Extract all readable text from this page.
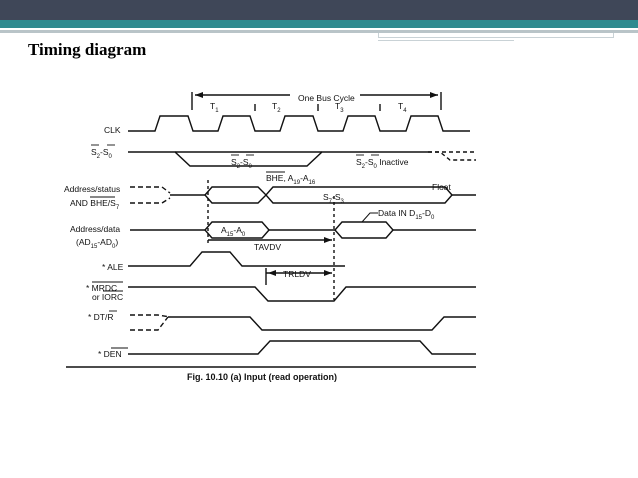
Timing diagram
One Bus Cycle
$T_1$	$T_2$	$T_3$	$T_4$
CLK
$S_2-S_0$	$S_2-S_0$	$S_2-S_0$ Inactive
BHE, $A_{19}-A_{16}$
Address/status
AND BHE/$S_7$
$S_7-S_3$
Float
Data IN $D_{15}-D_0$
Address/data
$(AD_{15}-AD_0)$
$A_{15}-A_0$
TAVDV
* ALE
TRLDV
* MRDC
or IORC
* DT/R
* DEN
Fig. 10.10 (a) Input (read operation)
